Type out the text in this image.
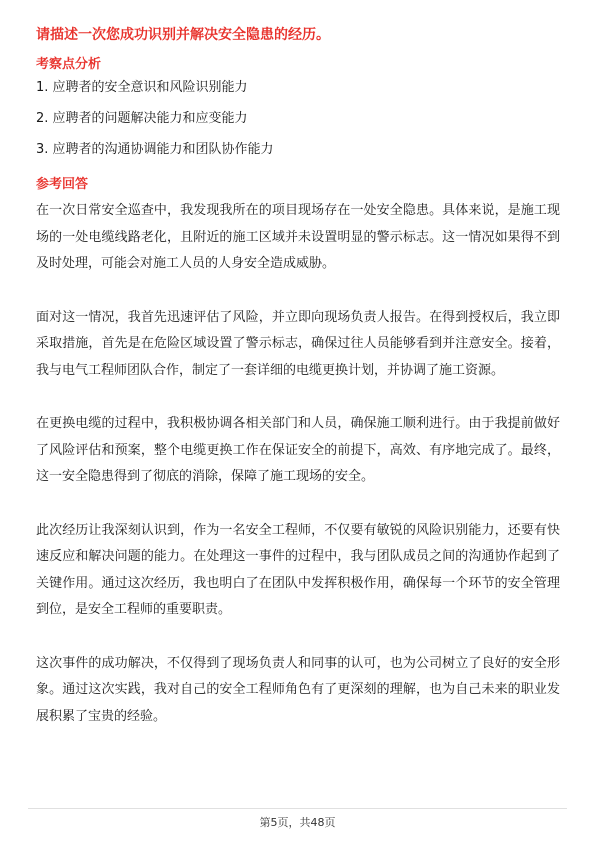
请描述一次您成功识别并解决安全隐患的经历。

考察点分析

1. 应聘者的安全意识和风险识别能力
2. 应聘者的问题解决能力和应变能力
3. 应聘者的沟通协调能力和团队协作能力

参考回答

在一次日常安全巡查中，我发现我所在的项目现场存在一处安全隐患。具体来说，是施工现场的一处电缆线路老化，且附近的施工区域并未设置明显的警示标志。这一情况如果得不到及时处理，可能会对施工人员的人身安全造成威胁。

面对这一情况，我首先迅速评估了风险，并立即向现场负责人报告。在得到授权后，我立即采取措施，首先是在危险区域设置了警示标志，确保过往人员能够看到并注意安全。接着，我与电气工程师团队合作，制定了一套详细的电缆更换计划，并协调了施工资源。

在更换电缆的过程中，我积极协调各相关部门和人员，确保施工顺利进行。由于我提前做好了风险评估和预案，整个电缆更换工作在保证安全的前提下，高效、有序地完成了。最终，这一安全隐患得到了彻底的消除，保障了施工现场的安全。

此次经历让我深刻认识到，作为一名安全工程师，不仅要有敏锐的风险识别能力，还要有快速反应和解决问题的能力。在处理这一事件的过程中，我与团队成员之间的沟通协作起到了关键作用。通过这次经历，我也明白了在团队中发挥积极作用，确保每一个环节的安全管理到位，是安全工程师的重要职责。

这次事件的成功解决，不仅得到了现场负责人和同事的认可，也为公司树立了良好的安全形象。通过这次实践，我对自己的安全工程师角色有了更深刻的理解，也为自己未来的职业发展积累了宝贵的经验。

第5页，共48页
